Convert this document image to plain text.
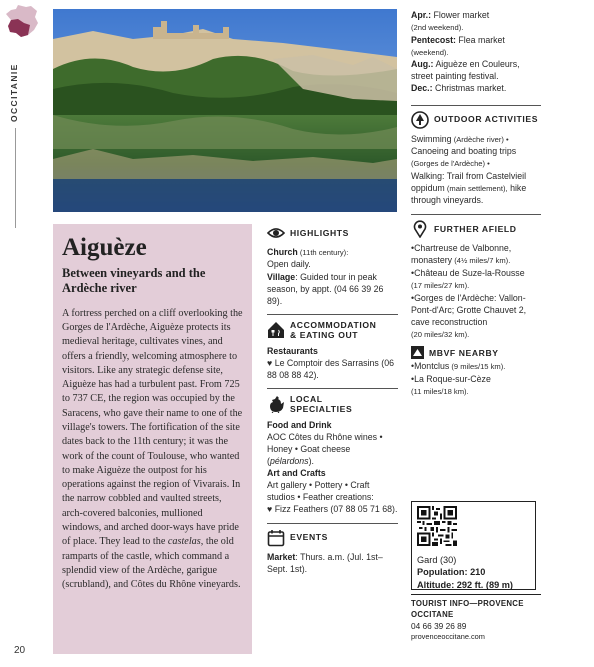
OCCITANIE
20
Aiguèze
Between vineyards and the Ardèche river

A fortress perched on a cliff overlooking the Gorges de l'Ardèche, Aiguèze protects its medieval heritage, cultivates vines, and offers a friendly, welcoming atmosphere to visitors. Like any strategic defense site, Aiguèze has had a turbulent past. From 725 to 737 CE, the region was occupied by the Saracens, who gave their name to one of the village's towers. The fortification of the site dates back to the 11th century; it was the work of the count of Toulouse, who wanted to make Aiguèze the outpost for his operations against the region of Vivarais. In the narrow cobbled and vaulted streets, arch-covered balconies, mullioned windows, and arched door-ways have pride of place. They lead to the castelas, the old ramparts of the castle, which command a splendid view of the Ardèche, garigue (scrubland), and Côtes du Rhône vineyards.

HIGHLIGHTS
Church (11th century):
Open daily.
Village: Guided tour in peak season, by appt. (04 66 39 26 89).
ACCOMMODATION
& EATING OUT
Restaurants
♥ Le Comptoir des Sarrasins (06 88 08 88 42).
LOCAL
SPECIALTIES
Food and Drink
AOC Côtes du Rhône wines • Honey • Goat cheese (pélardons).
Art and Crafts
Art gallery • Pottery • Craft studios • Feather creations:
♥ Fizz Feathers (07 88 05 71 68).
EVENTS
Market: Thurs. a.m. (Jul. 1st–Sept. 1st).
Apr.: Flower market
(2nd weekend).
Pentecost: Flea market
(weekend).
Aug.: Aiguèze en Couleurs, street painting festival.
Dec.: Christmas market.
OUTDOOR ACTIVITIES
Swimming (Ardèche river) •
Canoeing and boating trips
(Gorges de l'Ardèche) •
Walking: Trail from Castelvieil oppidum (main settlement), hike through vineyards.
FURTHER AFIELD
•Chartreuse de Valbonne, monastery (4½ miles/7 km).
•Château de Suze-la-Rousse
(17 miles/27 km).
•Gorges de l'Ardèche: Vallon-Pont-d'Arc; Grotte Chauvet 2, cave reconstruction
(20 miles/32 km).
MBVF NEARBY
•Montclus (9 miles/15 km).
•La Roque-sur-Cèze
(11 miles/18 km).
Gard (30)
Population: 210
Altitude: 292 ft. (89 m)
TOURIST INFO—PROVENCE
OCCITANE
04 66 39 26 89
provenceoccitane.com
